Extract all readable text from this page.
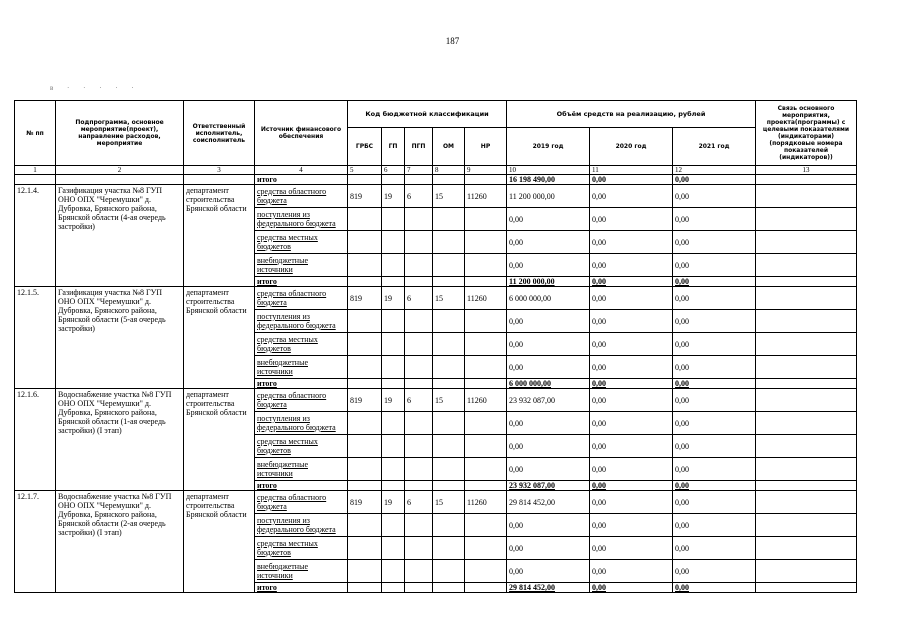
187
в · · · · ·
№ пп	Подпрограмма, основное мероприятие(проект), направление расходов, мероприятие	Ответственный исполнитель, соисполнитель	Источник финансового обеспечения	Код бюджетной классификации					Объём средств на реализацию, рублей			Связь основного мероприятия, проекта(программы) с целевыми показателями (индикаторами) (порядковые номера показателей (индикаторов))
				ГРБС	ГП	ПГП	ОМ	НР	2019 год	2020 год	2021 год	
1	2	3	4	5	6	7	8	9	10	11	12	13
			итого						16 198 490,00	0,00	0,00	
12.1.4.	Газификация участка №8 ГУП ОНО ОПХ "Черемушки" д. Дубровка, Брянского района, Брянской области (4-ая очередь застройки)	департамент строительства Брянской области	средства областного бюджета	819	19	6	15	11260	11 200 000,00	0,00	0,00	
			поступления из федерального бюджета						0,00	0,00	0,00	
			средства местных бюджетов						0,00	0,00	0,00	
			внебюджетные источники						0,00	0,00	0,00	
			итого						11 200 000,00	0,00	0,00	
12.1.5.	Газификация участка №8 ГУП ОНО ОПХ "Черемушки" д. Дубровка, Брянского района, Брянской области (5-ая очередь застройки)	департамент строительства Брянской области	средства областного бюджета	819	19	6	15	11260	6 000 000,00	0,00	0,00	
			поступления из федерального бюджета						0,00	0,00	0,00	
			средства местных бюджетов						0,00	0,00	0,00	
			внебюджетные источники						0,00	0,00	0,00	
			итого						6 000 000,00	0,00	0,00	
12.1.6.	Водоснабжение участка №8 ГУП ОНО ОПХ "Черемушки" д. Дубровка, Брянского района, Брянской области (1-ая очередь застройки) (I этап)	департамент строительства Брянской области	средства областного бюджета	819	19	6	15	11260	23 932 087,00	0,00	0,00	
			поступления из федерального бюджета						0,00	0,00	0,00	
			средства местных бюджетов						0,00	0,00	0,00	
			внебюджетные источники						0,00	0,00	0,00	
			итого						23 932 087,00	0,00	0,00	
12.1.7.	Водоснабжение участка №8 ГУП ОНО ОПХ "Черемушки" д. Дубровка, Брянского района, Брянской области (2-ая очередь застройки) (I этап)	департамент строительства Брянской области	средства областного бюджета	819	19	6	15	11260	29 814 452,00	0,00	0,00	
			поступления из федерального бюджета						0,00	0,00	0,00	
			средства местных бюджетов						0,00	0,00	0,00	
			внебюджетные источники						0,00	0,00	0,00	
			итого						29 814 452,00	0,00	0,00	
